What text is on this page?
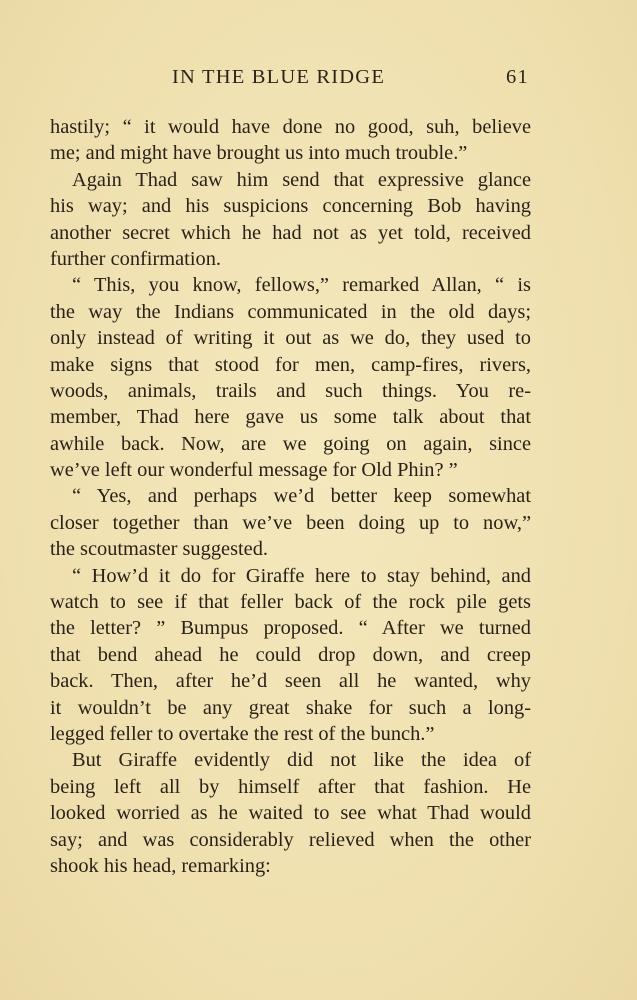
IN THE BLUE RIDGE	61
hastily; “ it would have done no good, suh, believe
me; and might have brought us into much trouble.”
Again Thad saw him send that expressive glance
his way; and his suspicions concerning Bob having
another secret which he had not as yet told, received
further confirmation.
“ This, you know, fellows,” remarked Allan, “ is
the way the Indians communicated in the old days;
only instead of writing it out as we do, they used to
make signs that stood for men, camp-fires, rivers,
woods, animals, trails and such things. You re-
member, Thad here gave us some talk about that
awhile back. Now, are we going on again, since
we’ve left our wonderful message for Old Phin? ”
“ Yes, and perhaps we’d better keep somewhat
closer together than we’ve been doing up to now,”
the scoutmaster suggested.
“ How’d it do for Giraffe here to stay behind, and
watch to see if that feller back of the rock pile gets
the letter? ” Bumpus proposed. “ After we turned
that bend ahead he could drop down, and creep
back. Then, after he’d seen all he wanted, why
it wouldn’t be any great shake for such a long-
legged feller to overtake the rest of the bunch.”
But Giraffe evidently did not like the idea of
being left all by himself after that fashion. He
looked worried as he waited to see what Thad would
say; and was considerably relieved when the other
shook his head, remarking:
